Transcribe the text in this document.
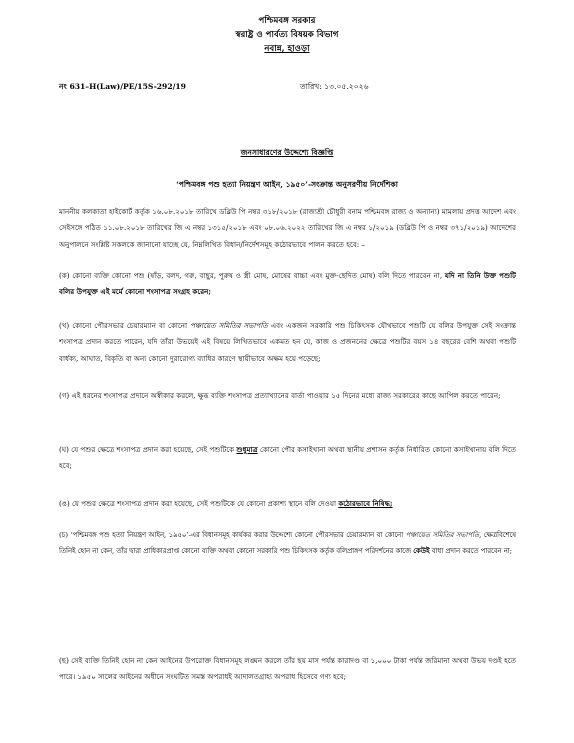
পশ্চিমবঙ্গ সরকার
স্বরাষ্ট্র ও পার্বত্য বিষয়ক বিভাগ
নবান্ন, হাওড়া
নং 631–H(Law)/PE/15S-292/19	তারিখ: ১৩.০৫.২০২৬
জনসাধারণের উদ্দেশ্যে বিজ্ঞপ্তি
‘পশ্চিমবঙ্গ পশু হত্যা নিয়ন্ত্রণ আইন, ১৯৫০’-সংক্রান্ত অনুসরণীয় নির্দেশিকা
মাননীয় কলকাতা হাইকোর্ট কর্তৃক ১৬.০৮.২০১৮ তারিখে ডব্লিউ পি নম্বর ৩১৮/২০১৮ (রাজ্যশ্রী চৌধুরী বনাম পশ্চিমবঙ্গ রাজ্য ও অন্যান্য) মামলায় প্রদত্ত আদেশ এবং সেইসঙ্গে পঠিত ১১.০৮.২০১৮ তারিখের জি এ নম্বর ১৩১৫/২০১৮ এবং ০৮.০৬.২০২২ তারিখের জি এ নম্বর ১/২০১৯ (ডব্লিউ পি ও নম্বর ৩৭১/২০১৯) আদেশের অনুপালনে সংশ্লিষ্ট সকলকে জানানো যাচ্ছে যে, নিম্নলিখিত বিধান/নির্দেশসমূহ কঠোরভাবে পালন করতে হবে: –
(ক) কোনো ব্যক্তি কোনো পশু (ষাঁড়, বলদ, গরু, বাছুর, পুরুষ ও স্ত্রী মোষ, মোষের বাচ্চা এবং মুক্ত-ছেদিত মোষ) বলি দিতে পারবেন না, যদি না তিনি উক্ত পশুটি বলির উপযুক্ত এই মর্মে কোনো শংসাপত্র সংগ্রহ করেন;
(খ) কোনো পৌরসভার চেয়ারম্যান বা কোনো পঞ্চায়েত সমিতির সভাপতি এবং একজন সরকারি পশু চিকিৎসক যৌথভাবে পশুটি যে বলির উপযুক্ত সেই সংক্রান্ত শংসাপত্র প্রদান করতে পারেন, যদি তাঁরা উভয়েই এই বিষয়ে লিখিতভাবে একমত হন যে, কাজ ও প্রজননের ক্ষেত্রে পশুটির বয়স ১৪ বছরের বেশি অথবা পশুটি বার্ধক্য, আঘাত, বিকৃতি বা অন্য কোনো দুরারোগ্য ব্যাধির কারণে স্থায়ীভাবে অক্ষম হয়ে পড়েছে;
(গ) এই ধরনের শংসাপত্র প্রদানে অস্বীকার করলে, ক্ষুব্ধ ব্যক্তি শংসাপত্র প্রত্যাখ্যানের বার্তা পাওয়ার ১৫ দিনের মধ্যে রাজ্য সরকারের কাছে আপিল করতে পারেন;
(ঘ) যে পশুর ক্ষেত্রে শংসাপত্র প্রদান করা হয়েছে, সেই পশুটিকে শুধুমাত্র কোনো পৌর কসাইখানা অথবা স্থানীয় প্রশাসন কর্তৃক নির্ধারিত কোনো কসাইখানায় বলি দিতে হবে;
(ঙ) যে পশুর ক্ষেত্রে শংসাপত্র প্রদান করা হয়েছে, সেই পশুটিকে যে কোনো প্রকাশ্য স্থানে বলি দেওয়া কঠোরভাবে নিষিদ্ধ;
(চ) ‘পশ্চিমবঙ্গ পশু হত্যা নিয়ন্ত্রণ আইন, ১৯৫০’-এর বিধানসমূহ কার্যকর করার উদ্দেশ্যে কোনো পৌরসভার চেয়ারম্যান বা কোনো পঞ্চায়েত সমিতির সভাপতি, ক্ষেত্রবিশেষে তিনিই হোন না কেন, তাঁর দ্বারা প্রাধিকারপ্রাপ্ত কোনো ব্যক্তি অথবা কোনো সরকারি পশু চিকিৎসক কর্তৃক বলিপ্রাঙ্গণ পরিদর্শনের কাজে কেউই বাধা প্রদান করতে পারবেন না;
(ছ) সেই ব্যক্তি তিনিই হোন না কেন আইনের উপরোক্ত বিধানসমূহ লঙ্ঘন করলে তাঁর ছয় মাস পর্যন্ত কারাদণ্ড বা ১,০০০ টাকা পর্যন্ত জরিমানা অথবা উভয় দণ্ডই হতে পারে। ১৯৫০ সালের আইনের অধীনে সংঘটিত সমস্ত অপরাধই আদালতগ্রাহ্য অপরাধ হিসেবে গণ্য হবে;
